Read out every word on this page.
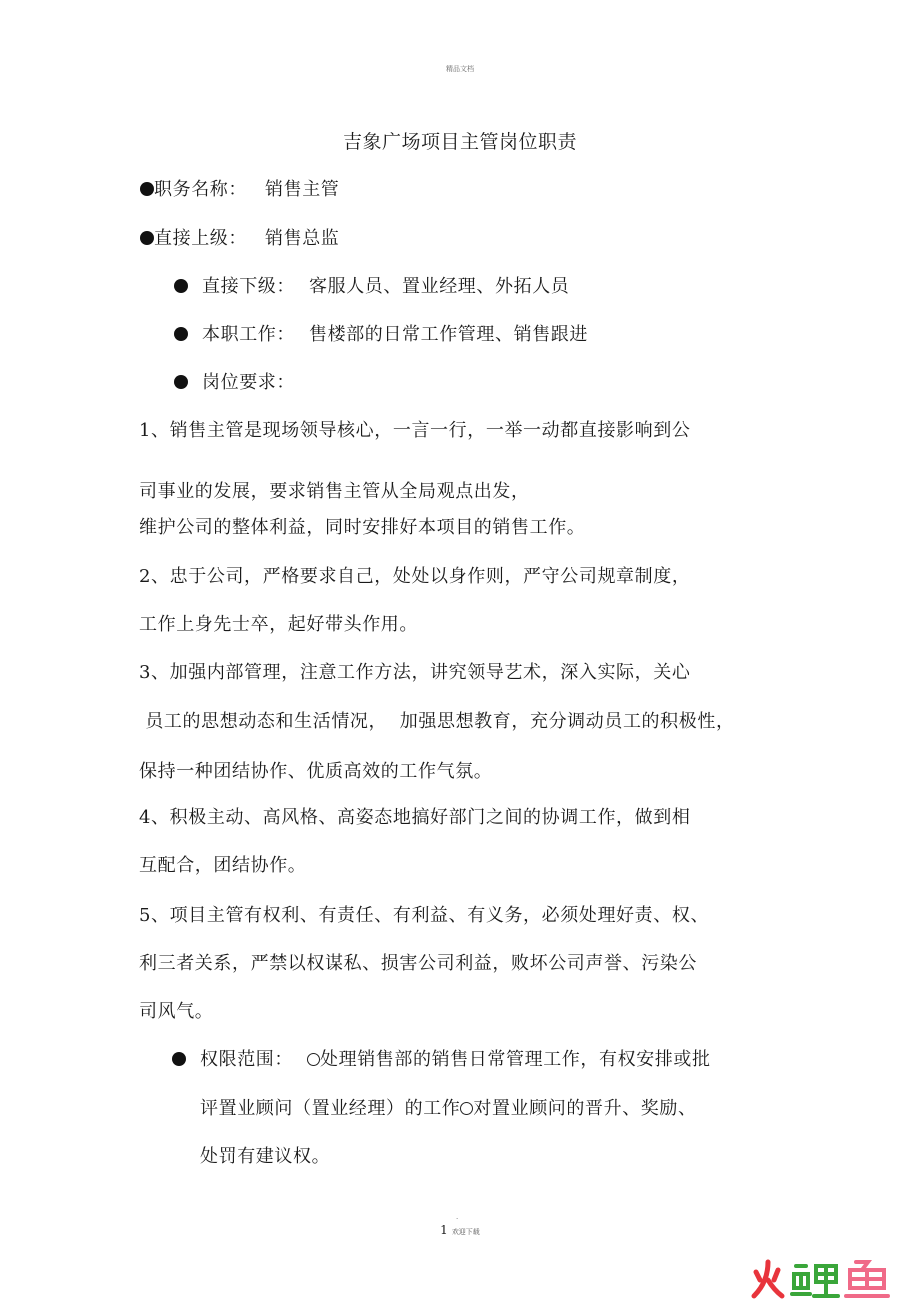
精品文档
吉象广场项目主管岗位职责
职务名称： 销售主管
直接上级： 销售总监
直接下级： 客服人员、置业经理、外拓人员
本职工作： 售楼部的日常工作管理、销售跟进
岗位要求：
1、销售主管是现场领导核心，一言一行，一举一动都直接影响到公
司事业的发展，要求销售主管从全局观点出发，
维护公司的整体利益，同时安排好本项目的销售工作。
2、忠于公司，严格要求自己，处处以身作则，严守公司规章制度，
工作上身先士卒，起好带头作用。
3、加强内部管理，注意工作方法，讲究领导艺术，深入实际，关心
员工的思想动态和生活情况，  加强思想教育，充分调动员工的积极性，
保持一种团结协作、优质高效的工作气氛。
4、积极主动、高风格、高姿态地搞好部门之间的协调工作，做到相
互配合，团结协作。
5、项目主管有权利、有责任、有利益、有义务，必须处理好责、权、
利三者关系，严禁以权谋私、损害公司利益，败坏公司声誉、污染公
司风气。
权限范围： 处理销售部的销售日常管理工作，有权安排或批
评置业顾问（置业经理）的工作 对置业顾问的晋升、奖励、
处罚有建议权。
.
1 欢迎下载
